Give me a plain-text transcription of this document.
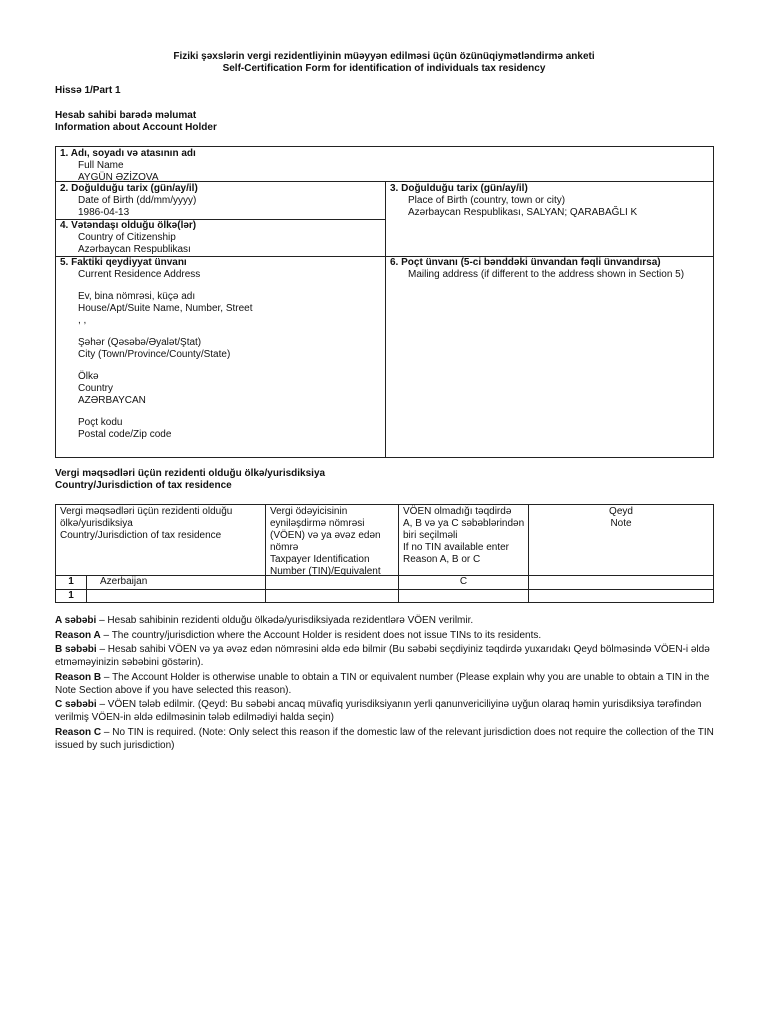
Fiziki şəxslərin vergi rezidentliyinin müəyyən edilməsi üçün özünüqiymətləndirmə anketi
Self-Certification Form for identification of individuals tax residency
Hissə 1/Part 1
Hesab sahibi barədə məlumat
Information about Account Holder
1. Adı, soyadı və atasının adı
Full Name
AYGÜN ƏZİZOVA
2. Doğulduğu tarix (gün/ay/il)
Date of Birth (dd/mm/yyyy)
1986-04-13
3. Doğulduğu tarix (gün/ay/il)
Place of Birth (country, town or city)
Azərbaycan Respublikası, SALYAN; QARABAĞLI K
4. Vətəndaşı olduğu ölkə(lər)
Country of Citizenship
Azərbaycan Respublikası
5. Faktiki qeydiyyat ünvanı
Current Residence Address
Ev, bina nömrəsi, küçə adı
House/Apt/Suite Name, Number, Street
, ,
Şəhər (Qəsəbə/Əyalət/Ştat)
City (Town/Province/County/State)
Ölkə
Country
AZƏRBAYCAN
Poçt kodu
Postal code/Zip code
6. Poçt ünvanı (5-ci bənddəki ünvandan fəqli ünvandırsa)
Mailing address (if different to the address shown in Section 5)
Vergi məqsədləri üçün rezidenti olduğu ölkə/yurisdiksiya
Country/Jurisdiction of tax residence
Vergi məqsədləri üçün rezidenti olduğu
ölkə/yurisdiksiya
Country/Jurisdiction of tax residence
Vergi ödəyicisinin
eyniləşdirmə nömrəsi
(VÖEN) və ya əvəz edən
nömrə
Taxpayer Identification
Number (TIN)/Equivalent
VÖEN olmadığı təqdirdə
A, B və ya C səbəblərindən
biri seçilməli
If no TIN available enter
Reason A, B or C
Qeyd
Note
1	Azerbaijan	C
1

A səbəbi – Hesab sahibinin rezidenti olduğu ölkədə/yurisdiksiyada rezidentlərə VÖEN verilmir.

Reason A – The country/jurisdiction where the Account Holder is resident does not issue TINs to its residents.

B səbəbi – Hesab sahibi VÖEN və ya əvəz edən nömrəsini əldə edə bilmir (Bu səbəbi seçdiyiniz təqdirdə yuxarıdakı Qeyd bölməsində VÖEN-i əldə etməməyinizin səbəbini göstərin).

Reason B – The Account Holder is otherwise unable to obtain a TIN or equivalent number (Please explain why you are unable to obtain a TIN in the Note Section above if you have selected this reason).

C səbəbi – VÖEN tələb edilmir. (Qeyd: Bu səbəbi ancaq müvafiq yurisdiksiyanın yerli qanunvericiliyinə uyğun olaraq həmin yurisdiksiya tərəfindən verilmiş VÖEN-in əldə edilməsinin tələb edilmədiyi halda seçin)

Reason C – No TIN is required. (Note: Only select this reason if the domestic law of the relevant jurisdiction does not require the collection of the TIN issued by such jurisdiction)
